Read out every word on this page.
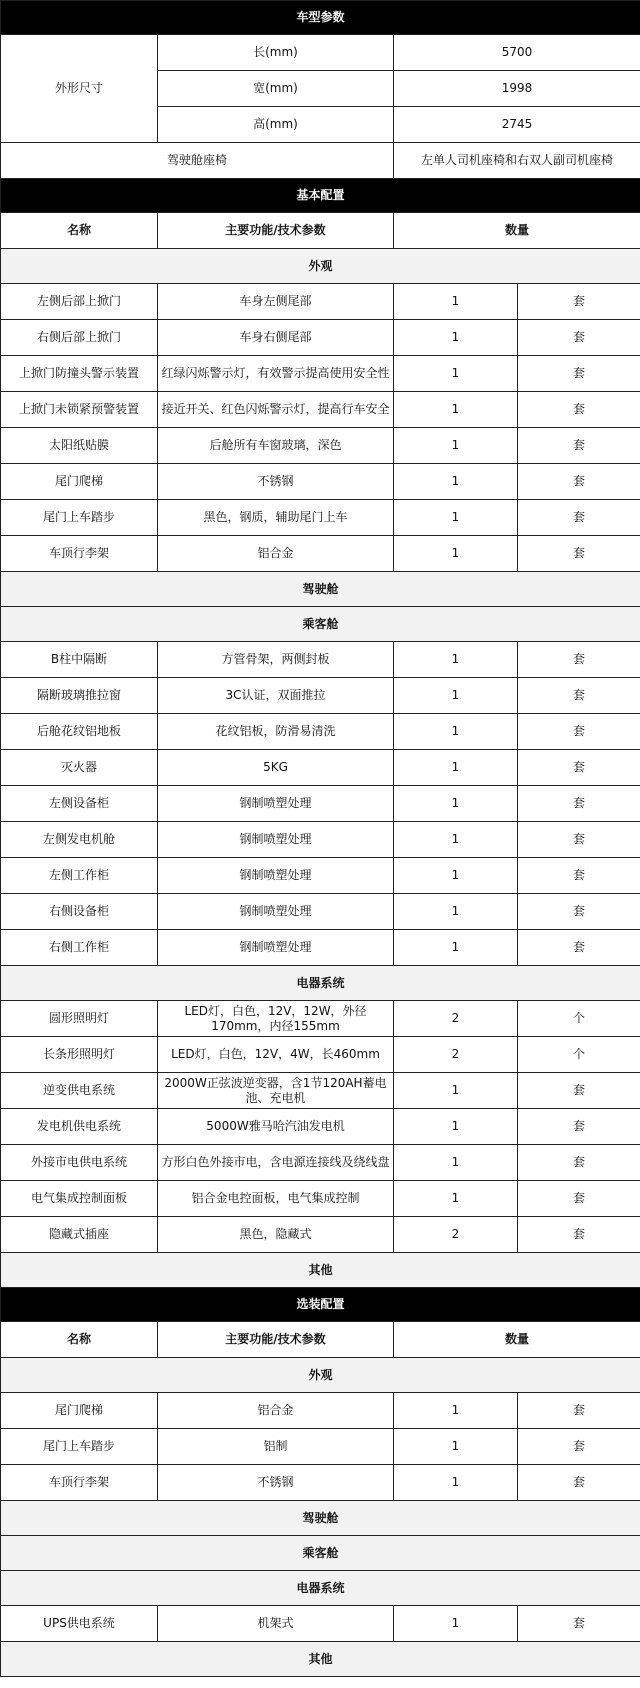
车型参数			
外形尺寸	长(mm)	5700	
	宽(mm)	1998	
	高(mm)	2745	
驾驶舱座椅		左单人司机座椅和右双人副司机座椅	
基本配置			
名称	主要功能/技术参数	数量	
外观			
左侧后部上掀门	车身左侧尾部	1	套
右侧后部上掀门	车身右侧尾部	1	套
上掀门防撞头警示装置	红绿闪烁警示灯，有效警示提高使用安全性	1	套
上掀门未锁紧预警装置	接近开关、红色闪烁警示灯，提高行车安全	1	套
太阳纸贴膜	后舱所有车窗玻璃，深色	1	套
尾门爬梯	不锈钢	1	套
尾门上车踏步	黑色，钢质，辅助尾门上车	1	套
车顶行李架	铝合金	1	套
驾驶舱			
乘客舱			
B柱中隔断	方管骨架，两侧封板	1	套
隔断玻璃推拉窗	3C认证，双面推拉	1	套
后舱花纹铝地板	花纹铝板，防滑易清洗	1	套
灭火器	5KG	1	套
左侧设备柜	钢制喷塑处理	1	套
左侧发电机舱	钢制喷塑处理	1	套
左侧工作柜	钢制喷塑处理	1	套
右侧设备柜	钢制喷塑处理	1	套
右侧工作柜	钢制喷塑处理	1	套
电器系统			
圆形照明灯	LED灯，白色，12V，12W，外径170mm，内径155mm	2	个
长条形照明灯	LED灯，白色，12V，4W，长460mm	2	个
逆变供电系统	2000W正弦波逆变器，含1节120AH蓄电池、充电机	1	套
发电机供电系统	5000W雅马哈汽油发电机	1	套
外接市电供电系统	方形白色外接市电，含电源连接线及绕线盘	1	套
电气集成控制面板	铝合金电控面板，电气集成控制	1	套
隐藏式插座	黑色，隐藏式	2	套
其他			
选装配置			
名称	主要功能/技术参数	数量	
外观			
尾门爬梯	铝合金	1	套
尾门上车踏步	铝制	1	套
车顶行李架	不锈钢	1	套
驾驶舱			
乘客舱			
电器系统			
UPS供电系统	机架式	1	套
其他			
